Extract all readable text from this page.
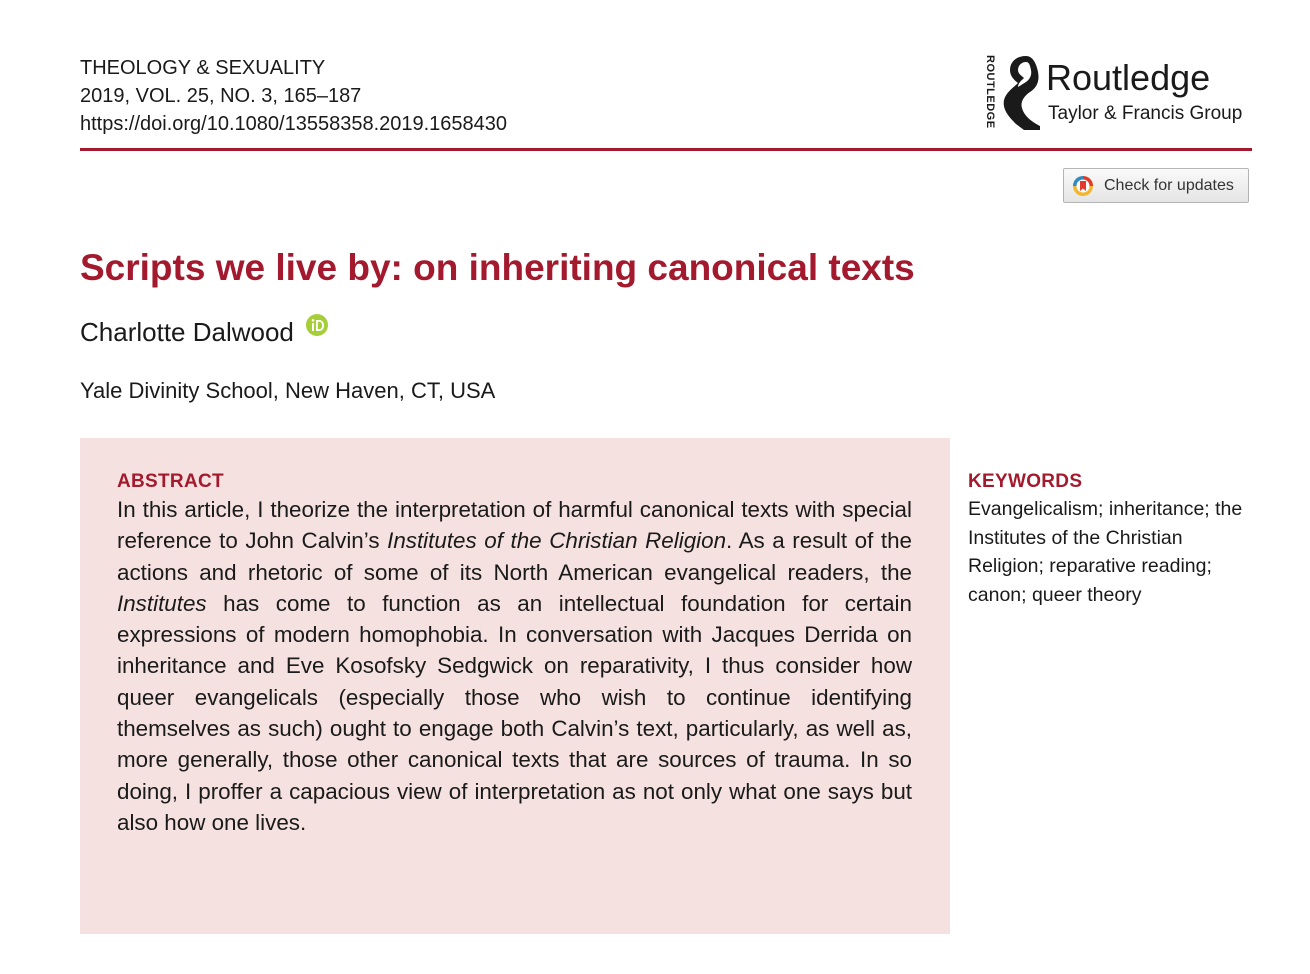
THEOLOGY & SEXUALITY
2019, VOL. 25, NO. 3, 165–187
https://doi.org/10.1080/13558358.2019.1658430	ROUTLEDGE Routledge
Taylor & Francis Group
Check for updates
Scripts we live by: on inheriting canonical texts
Charlotte Dalwood
Yale Divinity School, New Haven, CT, USA
ABSTRACT
In this article, I theorize the interpretation of harmful canonical texts with special reference to John Calvin’s Institutes of the Christian Religion. As a result of the actions and rhetoric of some of its North American evangelical readers, the Institutes has come to function as an intellectual foundation for certain expressions of modern homophobia. In conversation with Jacques Derrida on inheritance and Eve Kosofsky Sedgwick on reparativity, I thus consider how queer evangelicals (especially those who wish to continue identifying themselves as such) ought to engage both Calvin’s text, particularly, as well as, more generally, those other canonical texts that are sources of trauma. In so doing, I proffer a capacious view of interpretation as not only what one says but also how one lives.
KEYWORDS
Evangelicalism; inheritance; the Institutes of the Christian Religion; reparative reading; canon; queer theory
